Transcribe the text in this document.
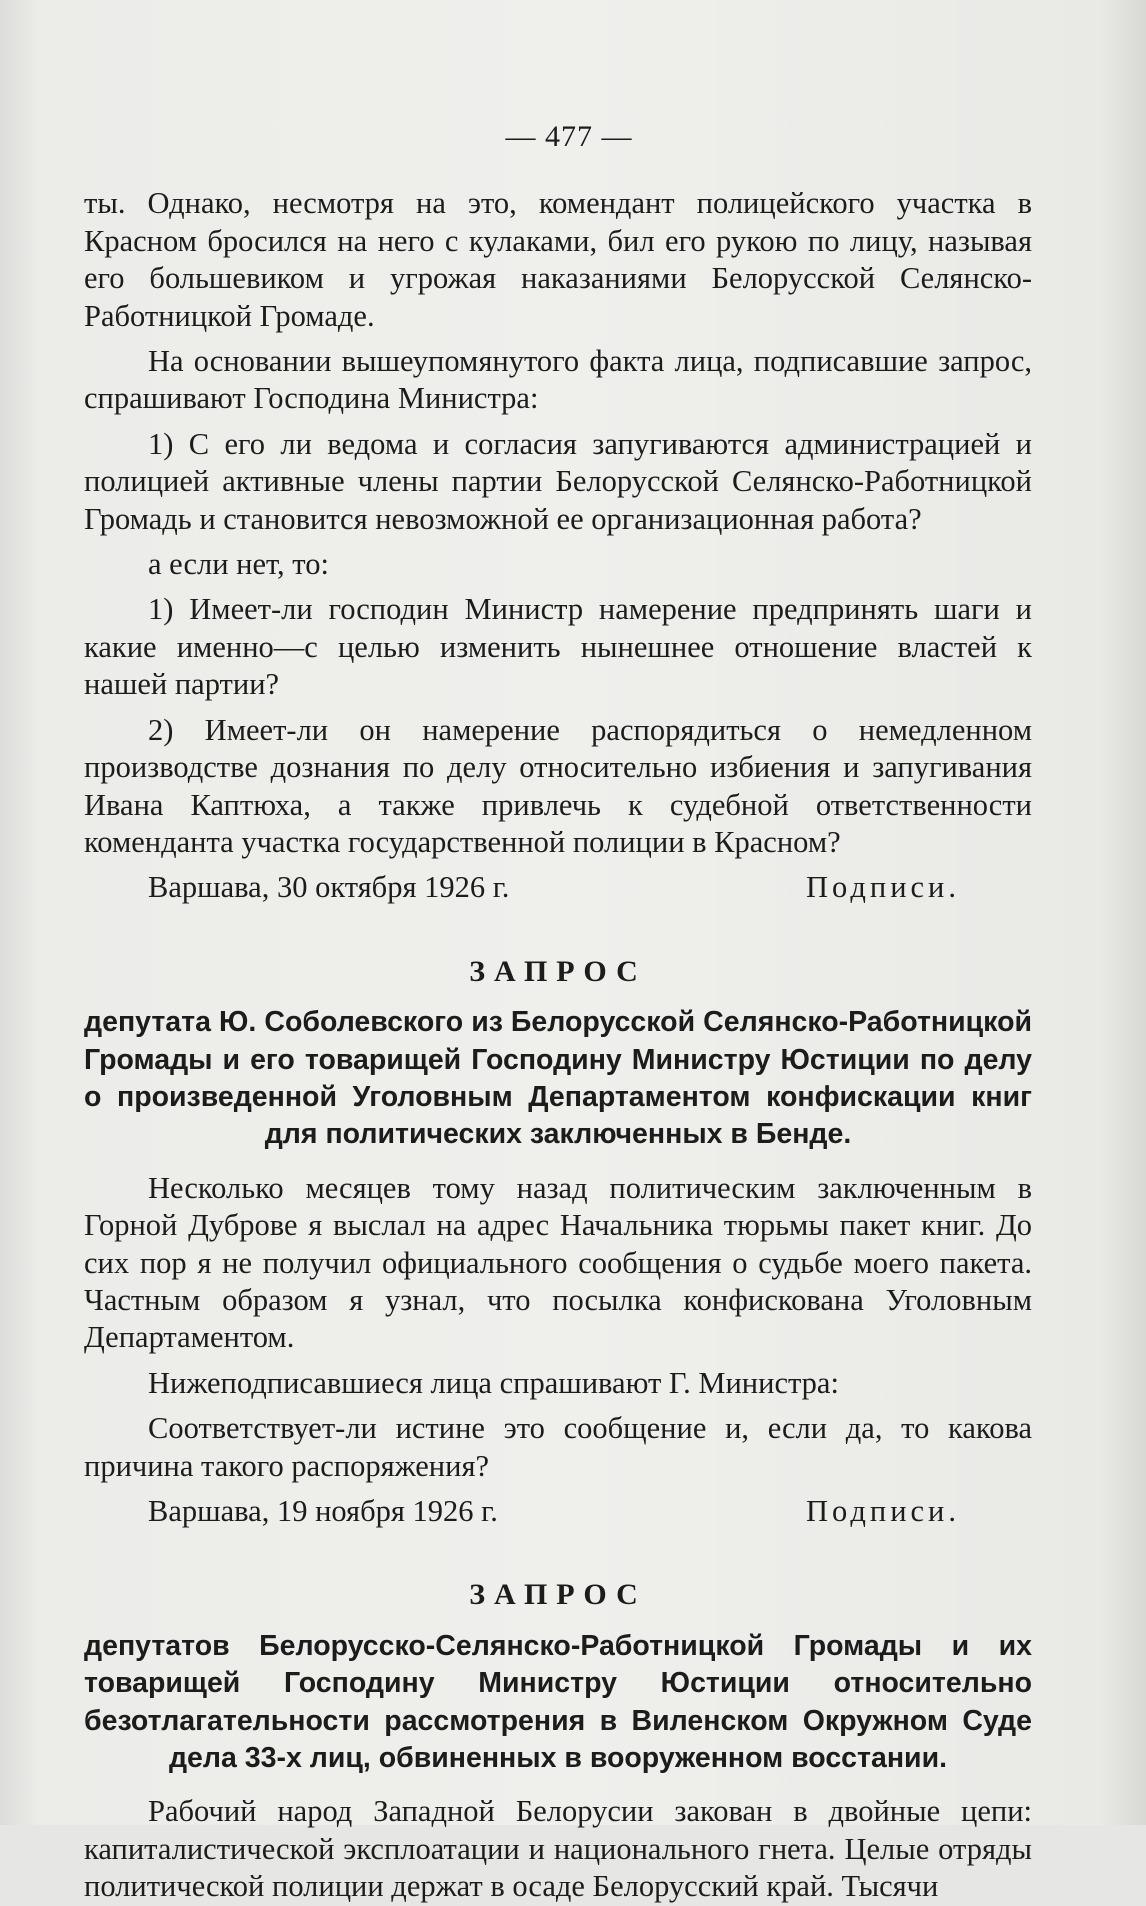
— 477 —

ты. Однако, несмотря на это, комендант полицейского участка в Красном бросился на него с кулаками, бил его рукою по лицу, называя его большевиком и угрожая наказаниями Белорусской Селянско-Работницкой Громаде.

На основании вышеупомянутого факта лица, подписавшие запрос, спрашивают Господина Министра:

1) С его ли ведома и согласия запугиваются администрацией и полицией активные члены партии Белорусской Селянско-Работницкой Громадь и становится невозможной ее организационная работа?

а если нет, то:

1) Имеет-ли господин Министр намерение предпринять шаги и какие именно—с целью изменить нынешнее отношение властей к нашей партии?

2) Имеет-ли он намерение распорядиться о немедленном производстве дознания по делу относительно избиения и запугивания Ивана Каптюха, а также привлечь к судебной ответственности коменданта участка государственной полиции в Красном?

Варшава, 30 октября 1926 г.	Подписи.
ЗАПРОС
депутата Ю. Соболевского из Белорусской Селянско-Работницкой Громады и его товарищей Господину Министру Юстиции по делу о произведенной Уголовным Департаментом конфискации книг для политических заключенных в Бенде.

Несколько месяцев тому назад политическим заключенным в Горной Дуброве я выслал на адрес Начальника тюрьмы пакет книг. До сих пор я не получил официального сообщения о судьбе моего пакета. Частным образом я узнал, что посылка конфискована Уголовным Департаментом.

Нижеподписавшиеся лица спрашивают Г. Министра:

Соответствует-ли истине это сообщение и, если да, то какова причина такого распоряжения?

Варшава, 19 ноября 1926 г.	Подписи.
ЗАПРОС
депутатов Белорусско-Селянско-Работницкой Громады и их товарищей Господину Министру Юстиции относительно безотлагательности рассмотрения в Виленском Окружном Суде дела 33-х лиц, обвиненных в вооруженном восстании.

Рабочий народ Западной Белорусии закован в двойные цепи: капиталистической эксплоатации и национального гнета. Целые отряды политической полиции держат в осаде Белорусский край. Тысячи
